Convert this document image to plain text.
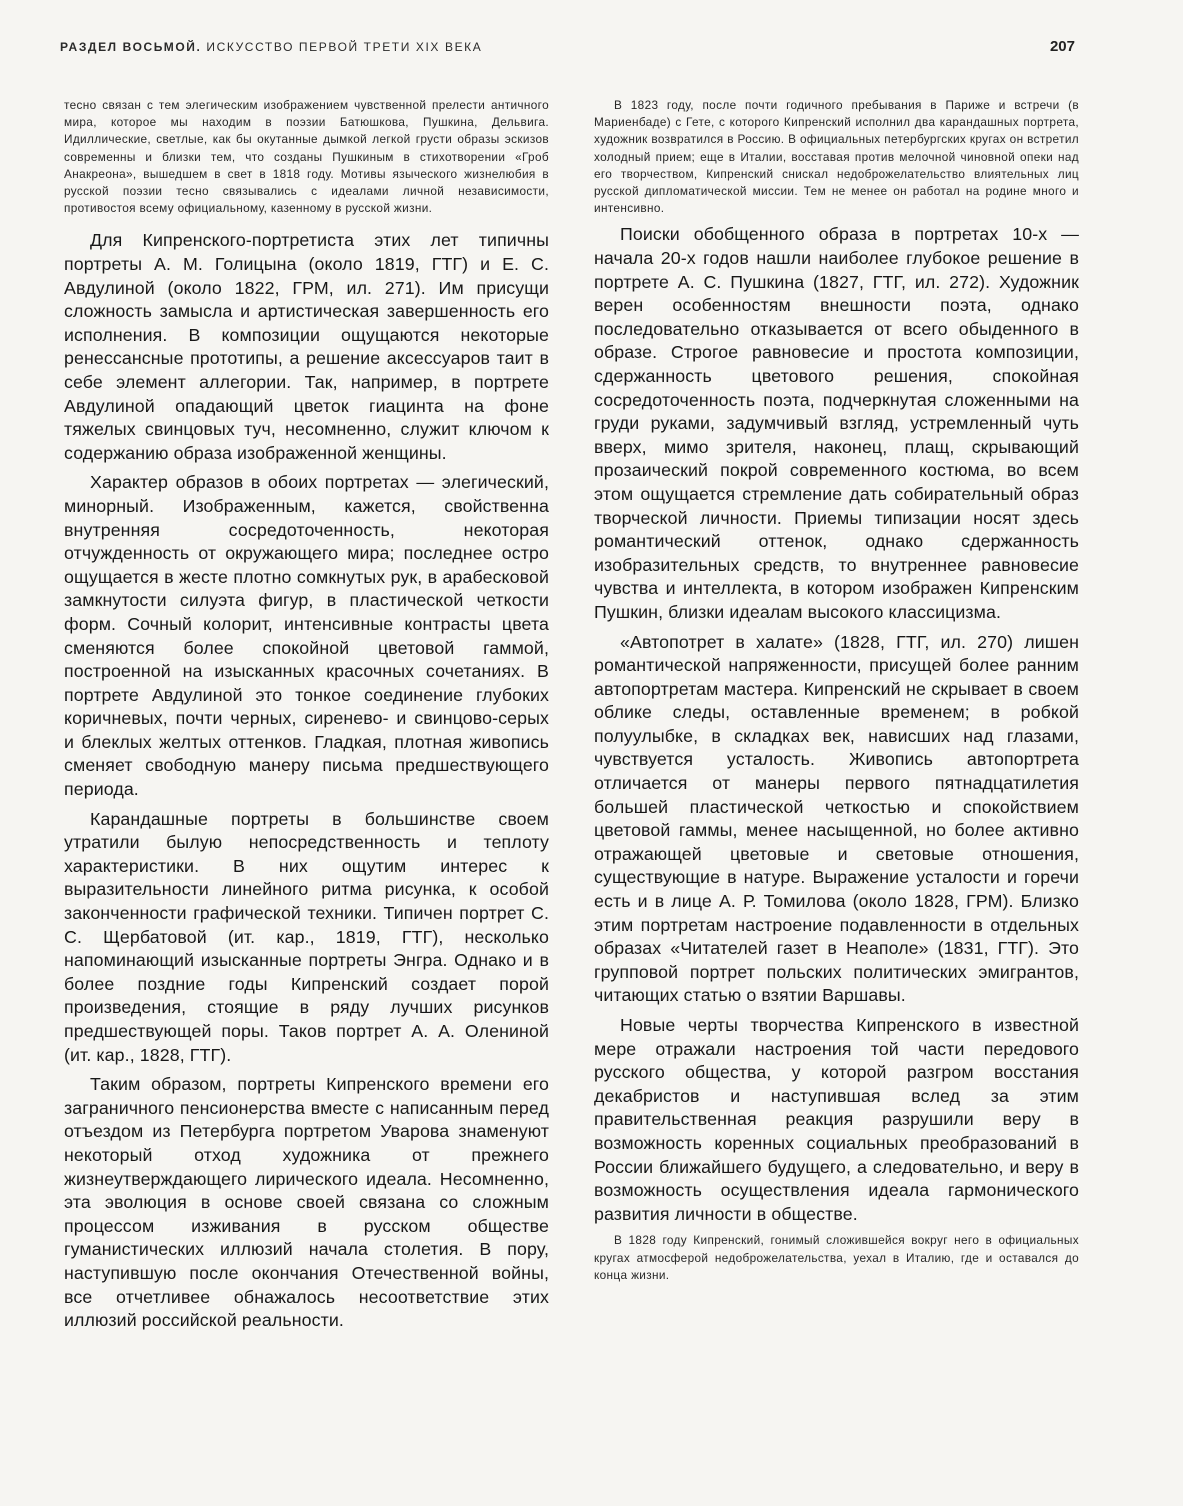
РАЗДЕЛ ВОСЬМОЙ. ИСКУССТВО ПЕРВОЙ ТРЕТИ XIX ВЕКА	207

тесно связан с тем элегическим изображением чувственной прелести античного мира, которое мы находим в поэзии Батюшкова, Пушкина, Дельвига. Идиллические, светлые, как бы окутанные дымкой легкой грусти образы эскизов современны и близки тем, что созданы Пушкиным в стихотворении «Гроб Анакреона», вышедшем в свет в 1818 году. Мотивы языческого жизнелюбия в русской поэзии тесно связывались с идеалами личной независимости, противостоя всему официальному, казенному в русской жизни.

Для Кипренского-портретиста этих лет типичны портреты А. М. Голицына (около 1819, ГТГ) и Е. С. Авдулиной (около 1822, ГРМ, ил. 271). Им присущи сложность замысла и артистическая завершенность его исполнения. В композиции ощущаются некоторые ренессансные прототипы, а решение аксессуаров таит в себе элемент аллегории. Так, например, в портрете Авдулиной опадающий цветок гиацинта на фоне тяжелых свинцовых туч, несомненно, служит ключом к содержанию образа изображенной женщины.

Характер образов в обоих портретах — элегический, минорный. Изображенным, кажется, свойственна внутренняя сосредоточенность, некоторая отчужденность от окружающего мира; последнее остро ощущается в жесте плотно сомкнутых рук, в арабесковой замкнутости силуэта фигур, в пластической четкости форм. Сочный колорит, интенсивные контрасты цвета сменяются более спокойной цветовой гаммой, построенной на изысканных красочных сочетаниях. В портрете Авдулиной это тонкое соединение глубоких коричневых, почти черных, сиренево- и свинцово-серых и блеклых желтых оттенков. Гладкая, плотная живопись сменяет свободную манеру письма предшествующего периода.

Карандашные портреты в большинстве своем утратили былую непосредственность и теплоту характеристики. В них ощутим интерес к выразительности линейного ритма рисунка, к особой законченности графической техники. Типичен портрет С. С. Щербатовой (ит. кар., 1819, ГТГ), несколько напоминающий изысканные портреты Энгра. Однако и в более поздние годы Кипренский создает порой произведения, стоящие в ряду лучших рисунков предшествующей поры. Таков портрет А. А. Олениной (ит. кар., 1828, ГТГ).

Таким образом, портреты Кипренского времени его заграничного пенсионерства вместе с написанным перед отъездом из Петербурга портретом Уварова знаменуют некоторый отход художника от прежнего жизнеутверждающего лирического идеала. Несомненно, эта эволюция в основе своей связана со сложным процессом изживания в русском обществе гуманистических иллюзий начала столетия. В пору, наступившую после окончания Отечественной войны, все отчетливее обнажалось несоответствие этих иллюзий российской реальности.

В 1823 году, после почти годичного пребывания в Париже и встречи (в Мариенбаде) с Гете, с которого Кипренский исполнил два карандашных портрета, художник возвратился в Россию. В официальных петербургских кругах он встретил холодный прием; еще в Италии, восставая против мелочной чиновной опеки над его творчеством, Кипренский снискал недоброжелательство влиятельных лиц русской дипломатической миссии. Тем не менее он работал на родине много и интенсивно.

Поиски обобщенного образа в портретах 10-х — начала 20-х годов нашли наиболее глубокое решение в портрете А. С. Пушкина (1827, ГТГ, ил. 272). Художник верен особенностям внешности поэта, однако последовательно отказывается от всего обыденного в образе. Строгое равновесие и простота композиции, сдержанность цветового решения, спокойная сосредоточенность поэта, подчеркнутая сложенными на груди руками, задумчивый взгляд, устремленный чуть вверх, мимо зрителя, наконец, плащ, скрывающий прозаический покрой современного костюма, во всем этом ощущается стремление дать собирательный образ творческой личности. Приемы типизации носят здесь романтический оттенок, однако сдержанность изобразительных средств, то внутреннее равновесие чувства и интеллекта, в котором изображен Кипренским Пушкин, близки идеалам высокого классицизма.

«Автопотрет в халате» (1828, ГТГ, ил. 270) лишен романтической напряженности, присущей более ранним автопортретам мастера. Кипренский не скрывает в своем облике следы, оставленные временем; в робкой полуулыбке, в складках век, нависших над глазами, чувствуется усталость. Живопись автопортрета отличается от манеры первого пятнадцатилетия большей пластической четкостью и спокойствием цветовой гаммы, менее насыщенной, но более активно отражающей цветовые и световые отношения, существующие в натуре. Выражение усталости и горечи есть и в лице А. Р. Томилова (около 1828, ГРМ). Близко этим портретам настроение подавленности в отдельных образах «Читателей газет в Неаполе» (1831, ГТГ). Это групповой портрет польских политических эмигрантов, читающих статью о взятии Варшавы.

Новые черты творчества Кипренского в известной мере отражали настроения той части передового русского общества, у которой разгром восстания декабристов и наступившая вслед за этим правительственная реакция разрушили веру в возможность коренных социальных преобразований в России ближайшего будущего, а следовательно, и веру в возможность осуществления идеала гармонического развития личности в обществе.

В 1828 году Кипренский, гонимый сложившейся вокруг него в официальных кругах атмосферой недоброжелательства, уехал в Италию, где и оставался до конца жизни.
